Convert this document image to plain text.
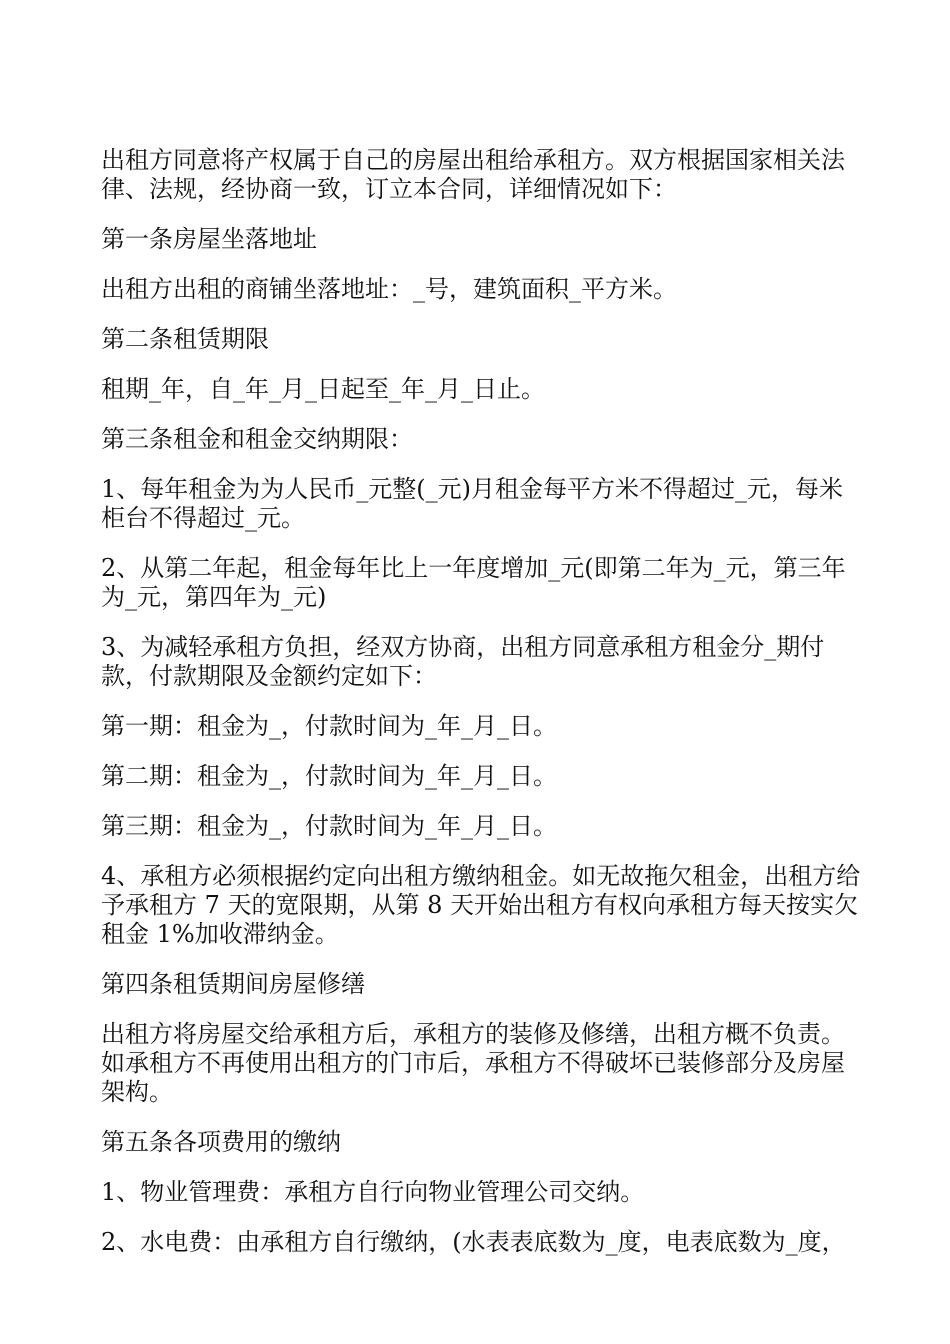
出租方同意将产权属于自己的房屋出租给承租方。双方根据国家相关法律、法规，经协商一致，订立本合同，详细情况如下：

第一条房屋坐落地址

出租方出租的商铺坐落地址：_号，建筑面积_平方米。

第二条租赁期限

租期_年，自_年_月_日起至_年_月_日止。

第三条租金和租金交纳期限：

1、每年租金为为人民币_元整(_元)月租金每平方米不得超过_元，每米柜台不得超过_元。

2、从第二年起，租金每年比上一年度增加_元(即第二年为_元，第三年为_元，第四年为_元)

3、为减轻承租方负担，经双方协商，出租方同意承租方租金分_期付款，付款期限及金额约定如下：

第一期：租金为_，付款时间为_年_月_日。

第二期：租金为_，付款时间为_年_月_日。

第三期：租金为_，付款时间为_年_月_日。

4、承租方必须根据约定向出租方缴纳租金。如无故拖欠租金，出租方给予承租方 7 天的宽限期，从第 8 天开始出租方有权向承租方每天按实欠租金 1%加收滞纳金。

第四条租赁期间房屋修缮

出租方将房屋交给承租方后，承租方的装修及修缮，出租方概不负责。如承租方不再使用出租方的门市后，承租方不得破坏已装修部分及房屋架构。

第五条各项费用的缴纳

1、物业管理费：承租方自行向物业管理公司交纳。

2、水电费：由承租方自行缴纳，(水表表底数为_度，电表底数为_度，
